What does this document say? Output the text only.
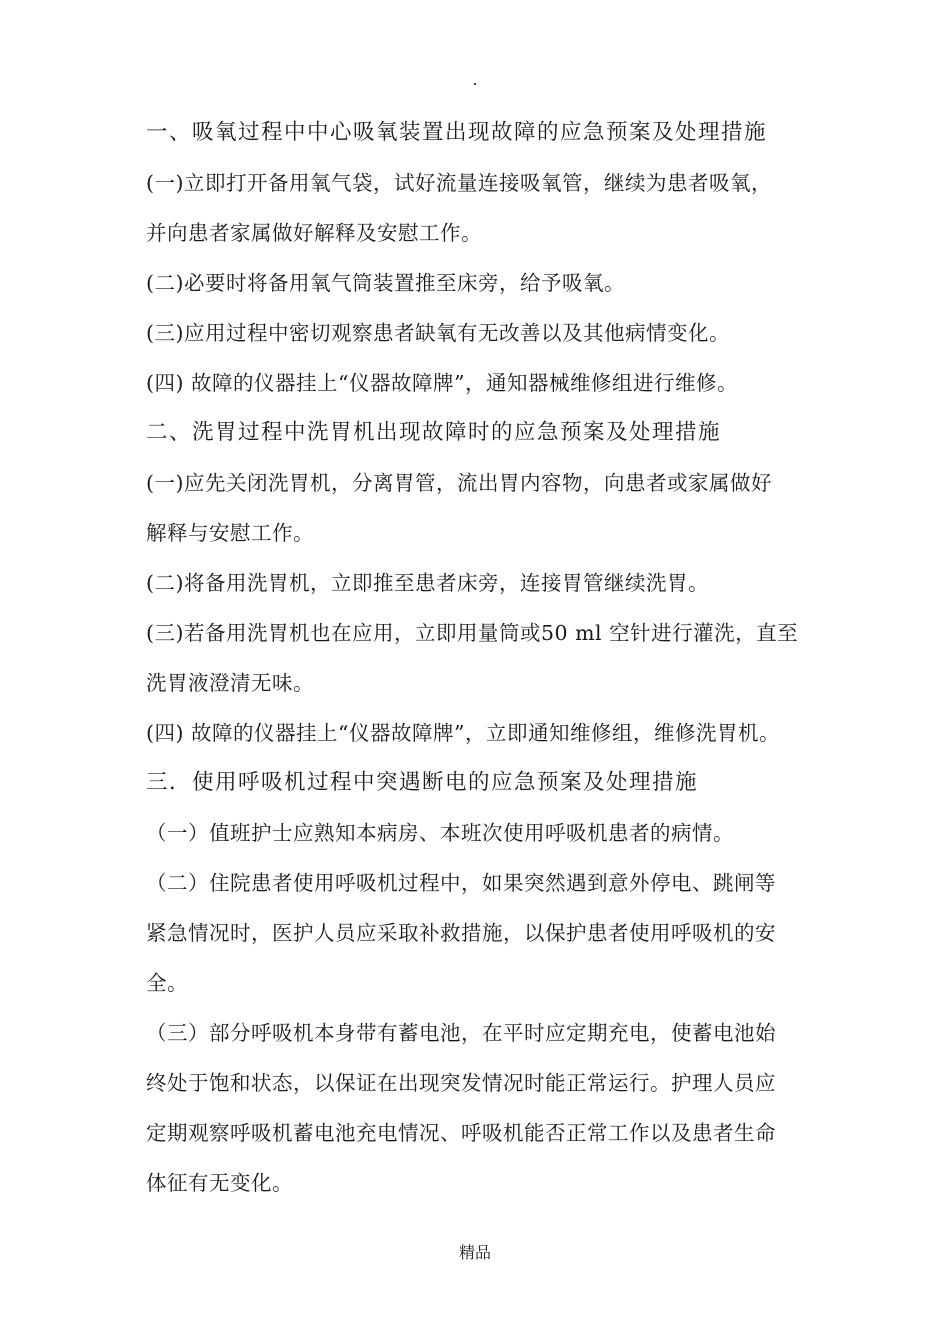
.
一、吸氧过程中中心吸氧装置出现故障的应急预案及处理措施
(一)立即打开备用氧气袋，试好流量连接吸氧管，继续为患者吸氧，
并向患者家属做好解释及安慰工作。
(二)必要时将备用氧气筒装置推至床旁，给予吸氧。
(三)应用过程中密切观察患者缺氧有无改善以及其他病情变化。
(四) 故障的仪器挂上“仪器故障牌”，通知器械维修组进行维修。
二、洗胃过程中洗胃机出现故障时的应急预案及处理措施
(一)应先关闭洗胃机，分离胃管，流出胃内容物，向患者或家属做好
解释与安慰工作。
(二)将备用洗胃机，立即推至患者床旁，连接胃管继续洗胃。
(三)若备用洗胃机也在应用，立即用量筒或50 ml 空针进行灌洗，直至
洗胃液澄清无味。
(四) 故障的仪器挂上“仪器故障牌”，立即通知维修组，维修洗胃机。
三．使用呼吸机过程中突遇断电的应急预案及处理措施
（一）值班护士应熟知本病房、本班次使用呼吸机患者的病情。
（二）住院患者使用呼吸机过程中，如果突然遇到意外停电、跳闸等
紧急情况时，医护人员应采取补救措施，以保护患者使用呼吸机的安
全。
（三）部分呼吸机本身带有蓄电池，在平时应定期充电，使蓄电池始
终处于饱和状态，以保证在出现突发情况时能正常运行。护理人员应
定期观察呼吸机蓄电池充电情况、呼吸机能否正常工作以及患者生命
体征有无变化。
精品
